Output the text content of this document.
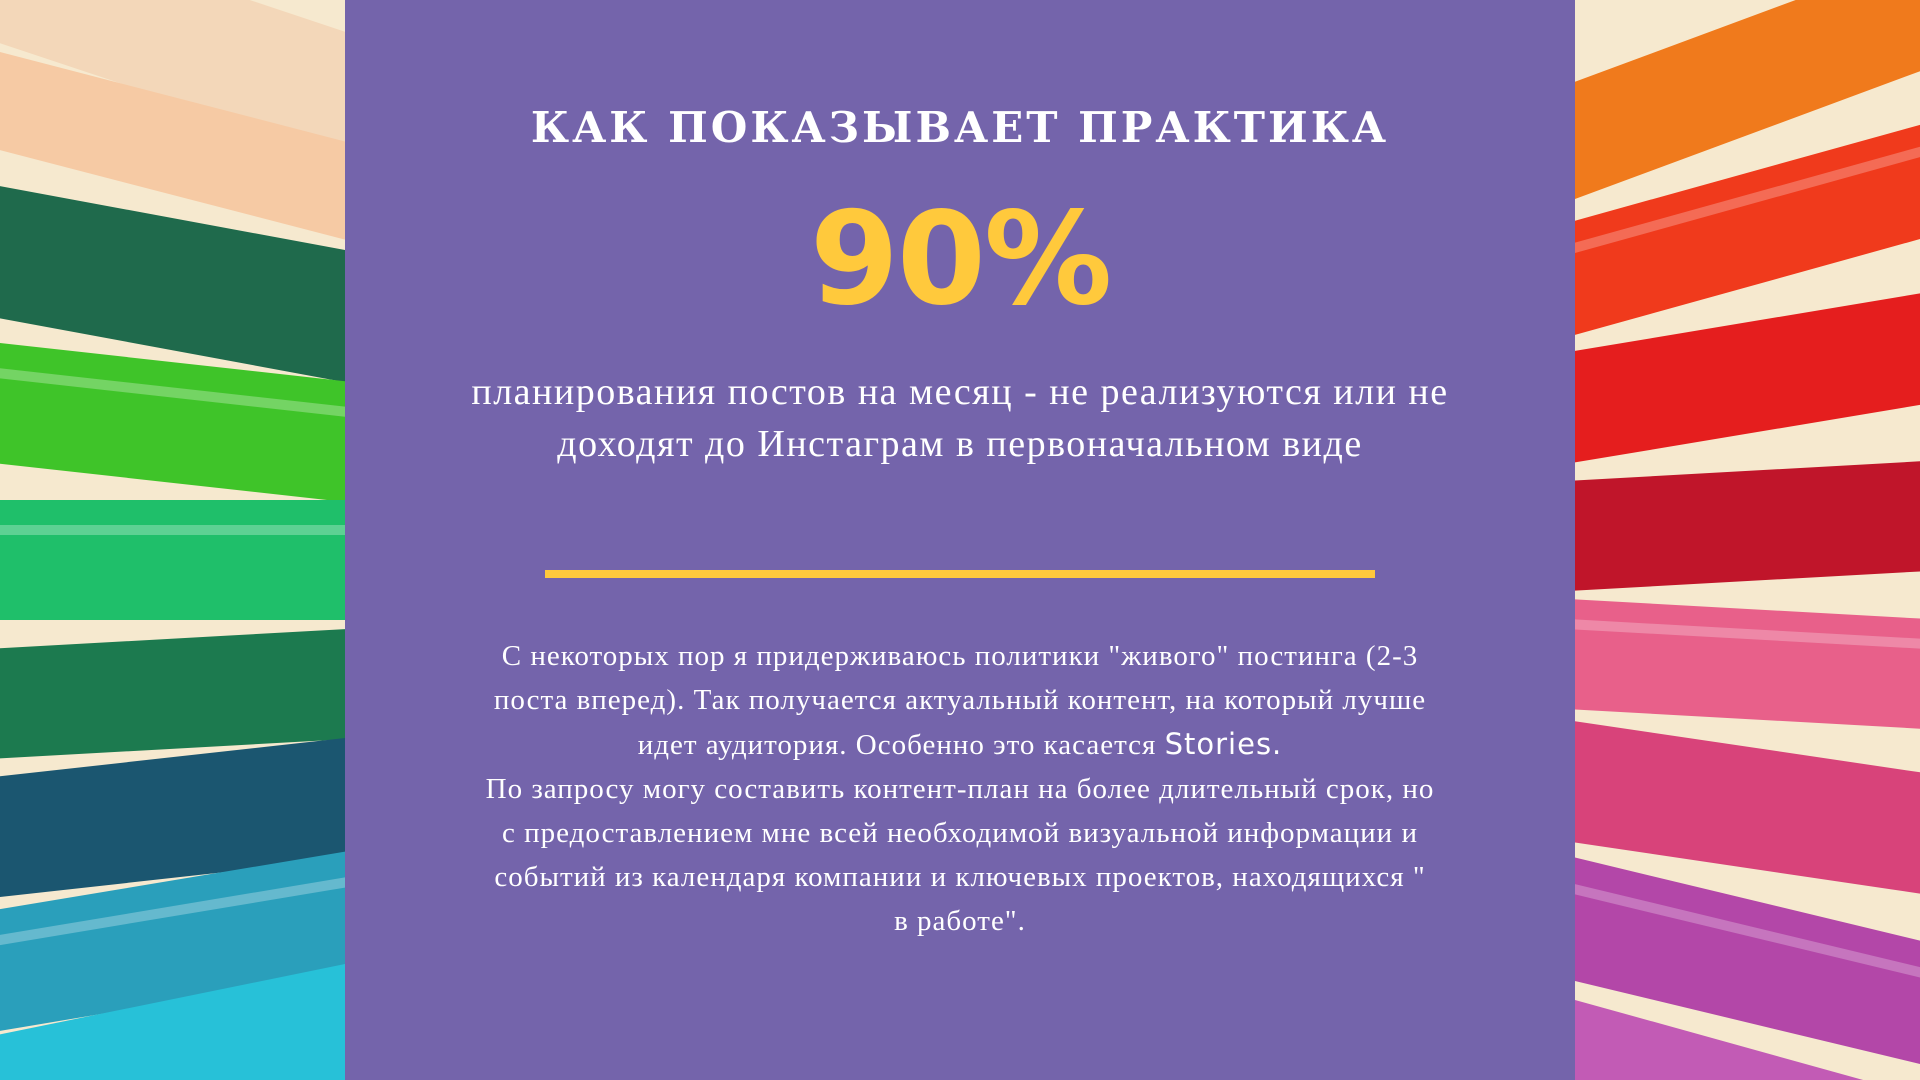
КАК ПОКАЗЫВАЕТ ПРАКТИКА
90%
планирования постов на месяц - не реализуются или не доходят до Инстаграм в первоначальном виде

С некоторых пор я придерживаюсь политики "живого" постинга (2-3 поста вперед). Так получается актуальный контент, на который лучше идет аудитория. Особенно это касается Stories.

По запросу могу составить контент-план на более длительный срок, но с предоставлением мне всей необходимой визуальной информации и событий из календаря компании и ключевых проектов, находящихся " в работе".
